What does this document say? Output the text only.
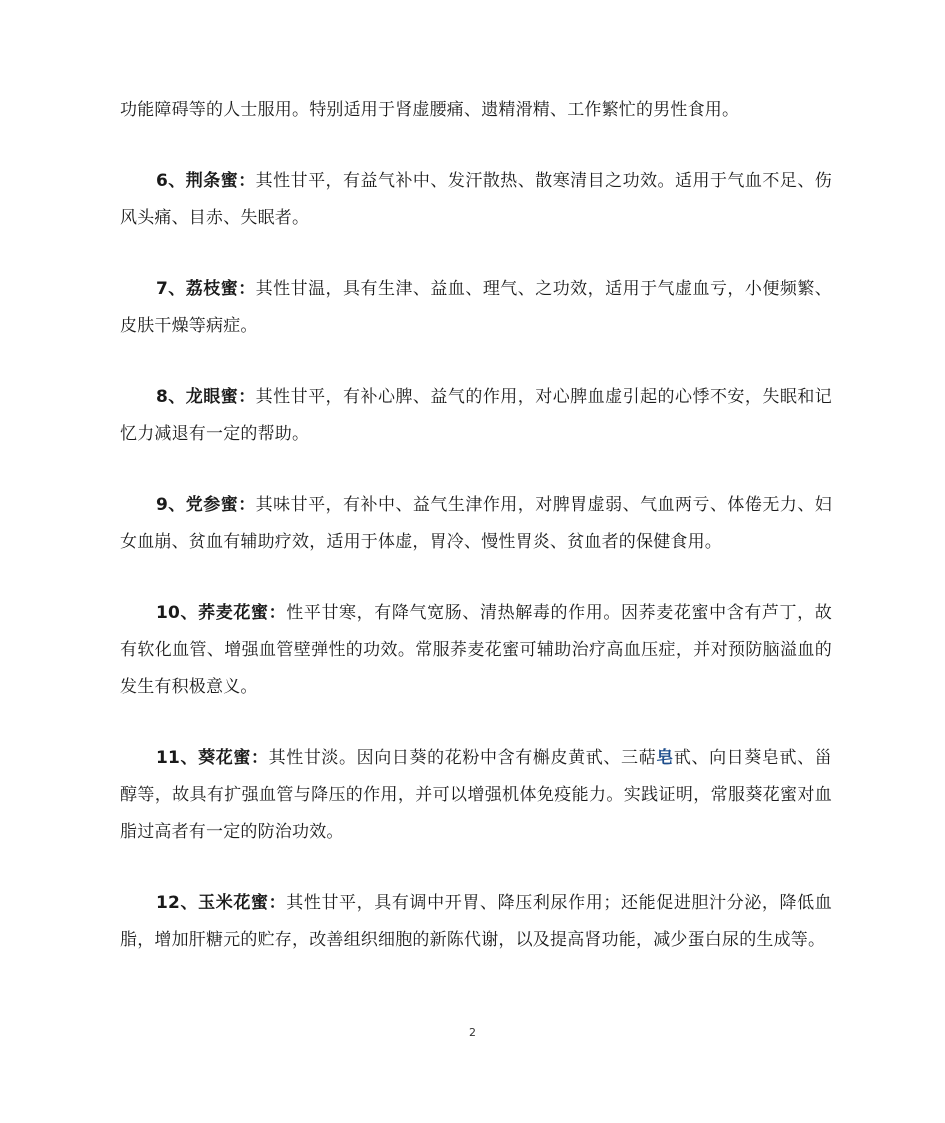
功能障碍等的人士服用。特别适用于肾虚腰痛、遗精滑精、工作繁忙的男性食用。

6、荆条蜜：其性甘平，有益气补中、发汗散热、散寒清目之功效。适用于气血不足、伤风头痛、目赤、失眠者。

7、荔枝蜜：其性甘温，具有生津、益血、理气、之功效，适用于气虚血亏，小便频繁、皮肤干燥等病症。

8、龙眼蜜：其性甘平，有补心脾、益气的作用，对心脾血虚引起的心悸不安，失眠和记忆力减退有一定的帮助。

9、党参蜜：其味甘平，有补中、益气生津作用，对脾胃虚弱、气血两亏、体倦无力、妇女血崩、贫血有辅助疗效，适用于体虚，胃冷、慢性胃炎、贫血者的保健食用。

10、荞麦花蜜：性平甘寒，有降气宽肠、清热解毒的作用。因荞麦花蜜中含有芦丁，故有软化血管、增强血管壁弹性的功效。常服荞麦花蜜可辅助治疗高血压症，并对预防脑溢血的发生有积极意义。

11、葵花蜜：其性甘淡。因向日葵的花粉中含有槲皮黄甙、三萜皂甙、向日葵皂甙、甾醇等，故具有扩强血管与降压的作用，并可以增强机体免疫能力。实践证明，常服葵花蜜对血脂过高者有一定的防治功效。

12、玉米花蜜：其性甘平，具有调中开胃、降压利尿作用；还能促进胆汁分泌，降低血脂，增加肝糖元的贮存，改善组织细胞的新陈代谢，以及提高肾功能，减少蛋白尿的生成等。

2
